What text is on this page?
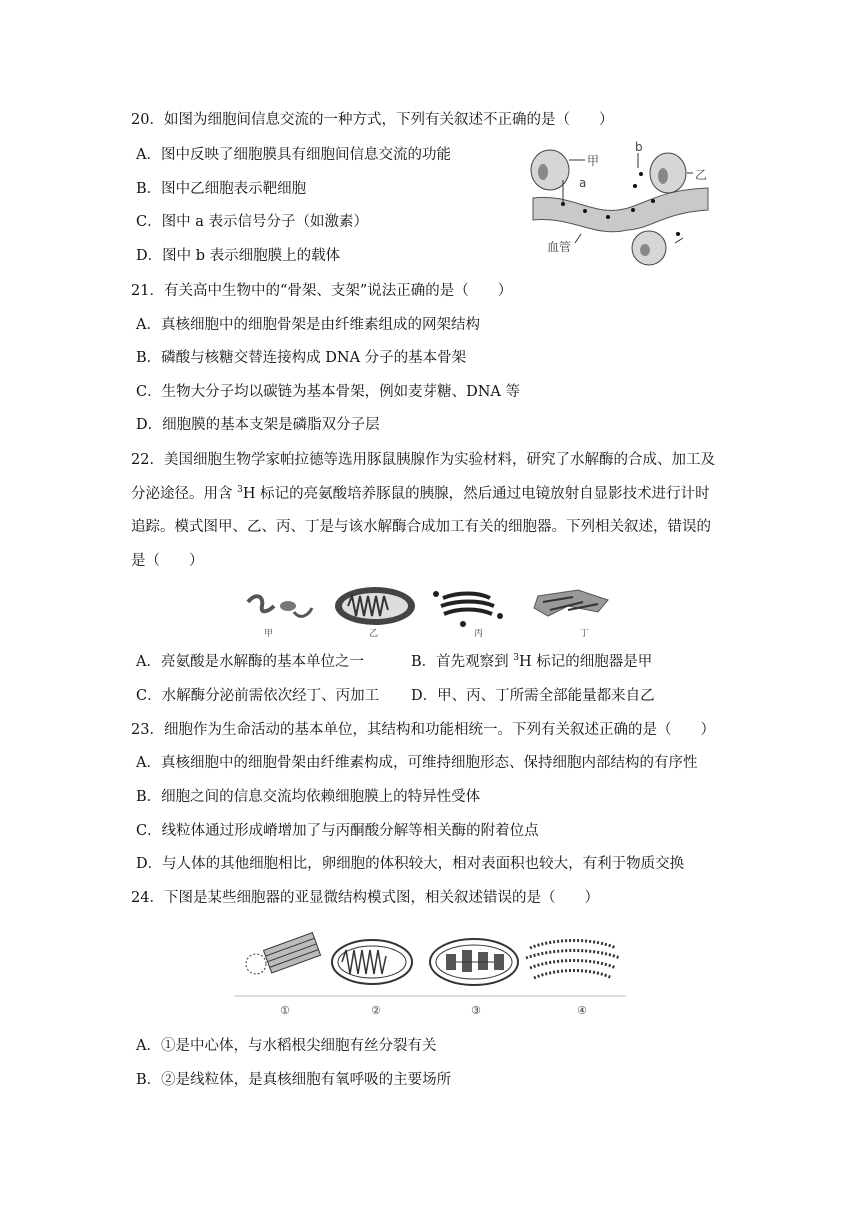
20．如图为细胞间信息交流的一种方式，下列有关叙述不正确的是（　　）
A．图中反映了细胞膜具有细胞间信息交流的功能
B．图中乙细胞表示靶细胞
C．图中 a 表示信号分子（如激素）
D．图中 b 表示细胞膜上的载体
甲
a
b
乙
血管
21．有关高中生物中的“骨架、支架”说法正确的是（　　）
A．真核细胞中的细胞骨架是由纤维素组成的网架结构
B．磷酸与核糖交替连接构成 DNA 分子的基本骨架
C．生物大分子均以碳链为基本骨架，例如麦芽糖、DNA 等
D．细胞膜的基本支架是磷脂双分子层
22．美国细胞生物学家帕拉德等选用豚鼠胰腺作为实验材料，研究了水解酶的合成、加工及
分泌途径。用含 $^3$H 标记的亮氨酸培养豚鼠的胰腺，然后通过电镜放射自显影技术进行计时
追踪。模式图甲、乙、丙、丁是与该水解酶合成加工有关的细胞器。下列相关叙述，错误的
是（　　）
甲	乙	丙	丁
A．亮氨酸是水解酶的基本单位之一	B．首先观察到 $^3$H 标记的细胞器是甲
C．水解酶分泌前需依次经丁、丙加工 D．甲、丙、丁所需全部能量都来自乙
23．细胞作为生命活动的基本单位，其结构和功能相统一。下列有关叙述正确的是（　　）
A．真核细胞中的细胞骨架由纤维素构成，可维持细胞形态、保持细胞内部结构的有序性
B．细胞之间的信息交流均依赖细胞膜上的特异性受体
C．线粒体通过形成嵴增加了与丙酮酸分解等相关酶的附着位点
D．与人体的其他细胞相比，卵细胞的体积较大，相对表面积也较大，有利于物质交换
24．下图是某些细胞器的亚显微结构模式图，相关叙述错误的是（　　）
①	②	③	④
A．①是中心体，与水稻根尖细胞有丝分裂有关
B．②是线粒体，是真核细胞有氧呼吸的主要场所
